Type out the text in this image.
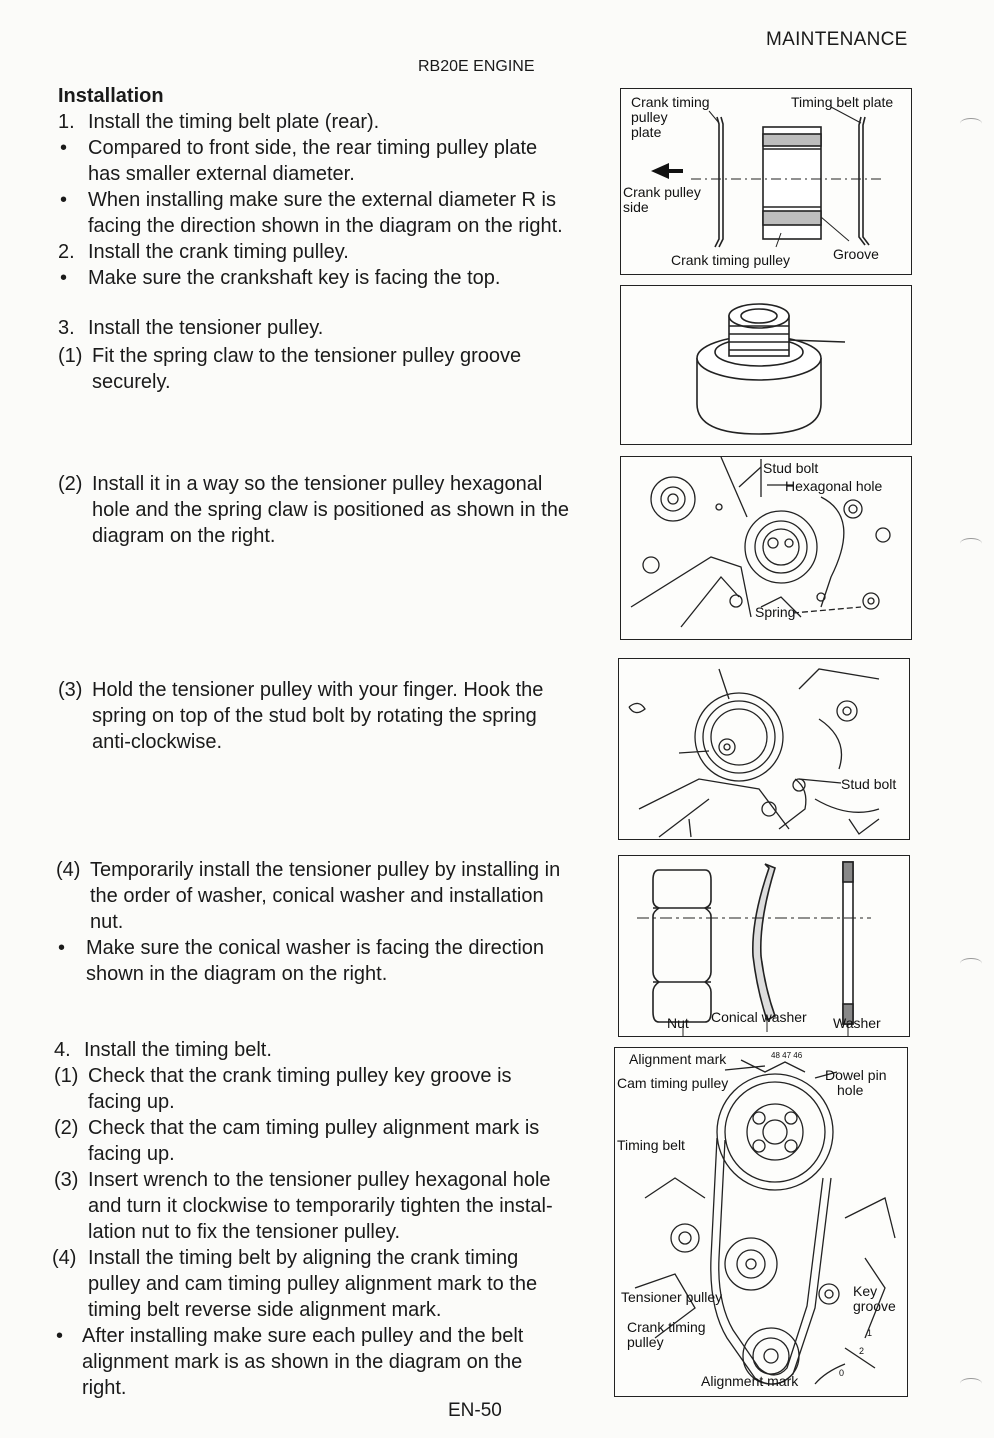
MAINTENANCE
RB20E ENGINE
Installation
1. Install the timing belt plate (rear).
• Compared to front side, the rear timing pulley plate
has smaller external diameter.
• When installing make sure the external diameter R is
facing the direction shown in the diagram on the right.
2. Install the crank timing pulley.
• Make sure the crankshaft key is facing the top.
3. Install the tensioner pulley.
(1) Fit the spring claw to the tensioner pulley groove
securely.
(2) Install it in a way so the tensioner pulley hexagonal
hole and the spring claw is positioned as shown in the
diagram on the right.
(3) Hold the tensioner pulley with your finger. Hook the
spring on top of the stud bolt by rotating the spring
anti-clockwise.
(4) Temporarily install the tensioner pulley by installing in
the order of washer, conical washer and installation
nut.
• Make sure the conical washer is facing the direction
shown in the diagram on the right.
4. Install the timing belt.
(1) Check that the crank timing pulley key groove is
facing up.
(2) Check that the cam timing pulley alignment mark is
facing up.
(3) Insert wrench to the tensioner pulley hexagonal hole
and turn it clockwise to temporarily tighten the instal-
lation nut to fix the tensioner pulley.
(4) Install the timing belt by aligning the crank timing
pulley and cam timing pulley alignment mark to the
timing belt reverse side alignment mark.
• After installing make sure each pulley and the belt
alignment mark is as shown in the diagram on the
right.
Crank timing
pulley
plate
Timing belt plate
Crank pulley
side
Crank timing pulley	Groove
Stud bolt
Hexagonal hole
Spring
Stud bolt
Nut Conical washer Washer
Alignment mark	48 47 46
Cam timing pulley	Dowel pin
hole
Timing belt
Tensioner pulley	Key
groove
Crank timing
pulley
Alignment mark
1
2
0
EN-50
